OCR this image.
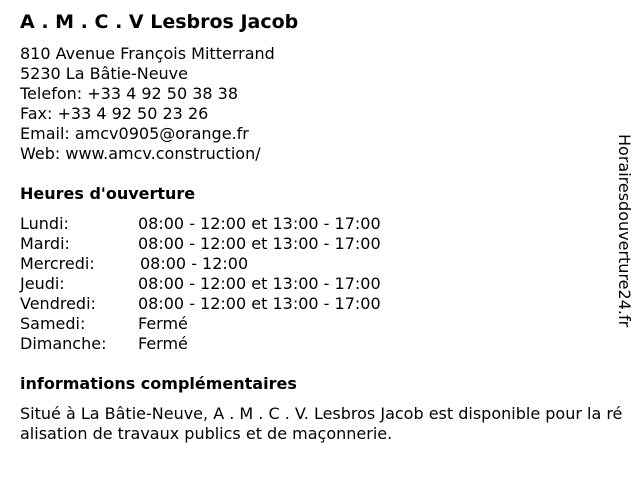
A . M . C . V Lesbros Jacob
810 Avenue François Mitterrand
5230 La Bâtie-Neuve
Telefon: +33 4 92 50 38 38
Fax: +33 4 92 50 23 26
Email: amcv0905@orange.fr
Web: www.amcv.construction/
Heures d'ouverture
Lundi:	08:00 - 12:00 et 13:00 - 17:00
Mardi:	08:00 - 12:00 et 13:00 - 17:00
Mercredi:	08:00 - 12:00
Jeudi:	08:00 - 12:00 et 13:00 - 17:00
Vendredi:	08:00 - 12:00 et 13:00 - 17:00
Samedi:	Fermé
Dimanche: Fermé
informations complémentaires
Situé à La Bâtie-Neuve, A . M . C . V. Lesbros Jacob est disponible pour la réalisation de travaux publics et de maçonnerie.
Horairesdouverture24.fr
